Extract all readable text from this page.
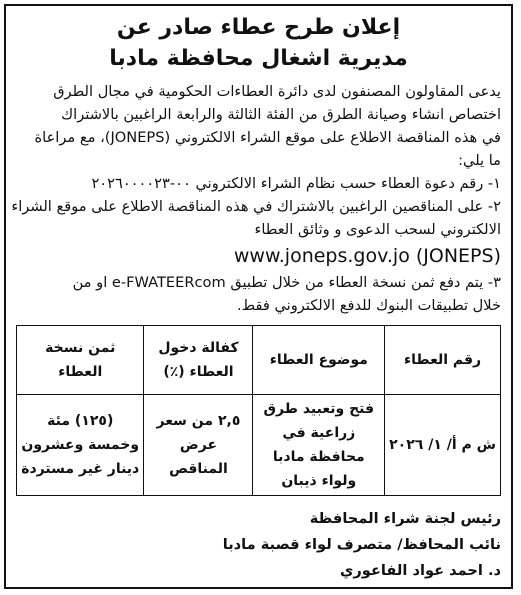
إعلان طرح عطاء صادر عن
مديرية اشغال محافظة مادبا
يدعى المقاولون المصنفون لدى دائرة العطاءات الحكومية في مجال الطرق
اختصاص انشاء وصيانة الطرق من الفئة الثالثة والرابعة الراغبين بالاشتراك
في هذه المناقصة الاطلاع على موقع الشراء الالكتروني (JONEPS)، مع مراعاة
ما يلي:
١- رقم دعوة العطاء حسب نظام الشراء الالكتروني ٠٠-٢٠٢٦٠٠٠٠٢٣
٢- على المناقصين الراغبين بالاشتراك في هذه المناقصة الاطلاع على موقع الشراء
الالكتروني لسحب الدعوى و وثائق العطاء
(www.joneps.gov.jo (JONEPS
٣- يتم دفع ثمن نسخة العطاء من خلال تطبيق e-FWATEERcom او من
خلال تطبيقات البنوك للدفع الالكتروني فقط.
رقم العطاء	موضوع العطاء	كفالة دخول العطاء (٪)	ثمن نسخة العطاء
ش م أ/ ١/ ٢٠٢٦	فتح وتعبيد طرق زراعية في محافظة مادبا ولواء ذيبان	٢,٥ من سعر عرض المناقص	(١٢٥) مئة وخمسة وعشرون دينار غير مستردة
رئيس لجنة شراء المحافظة
نائب المحافظ/ متصرف لواء قصبة مادبا
د. احمد عواد الفاعوري
